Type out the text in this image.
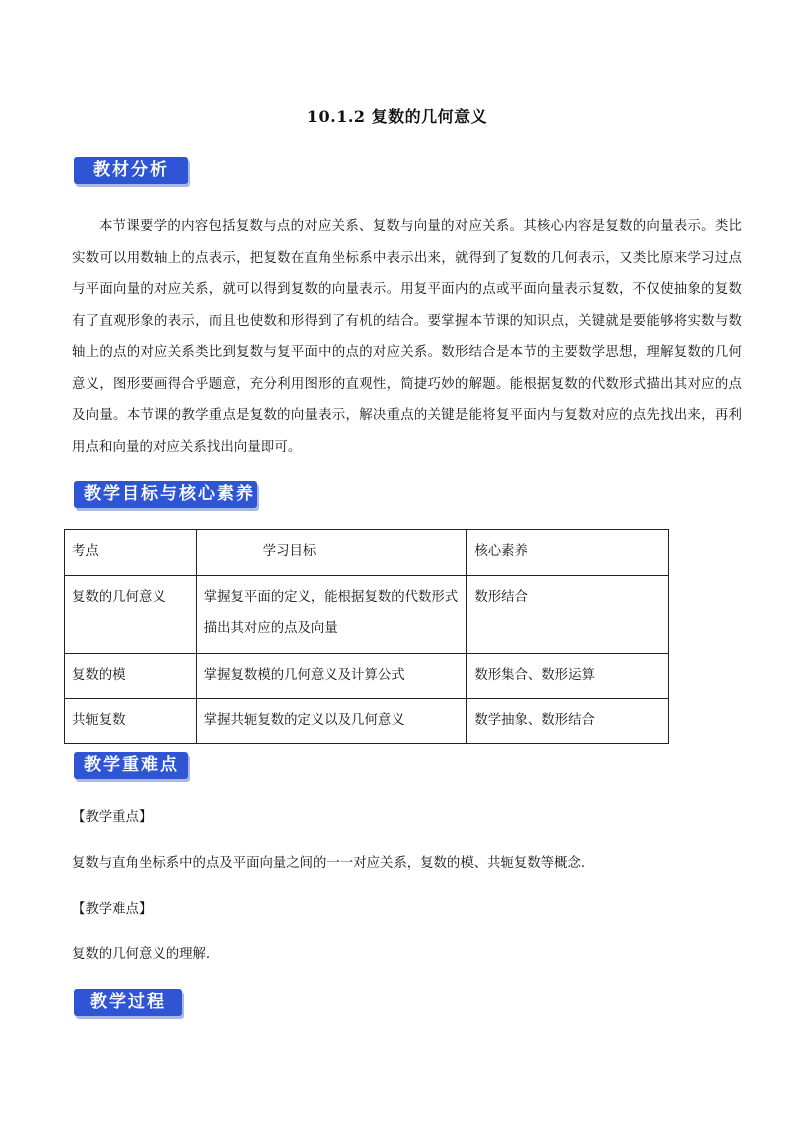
10.1.2 复数的几何意义
教材分析
本节课要学的内容包括复数与点的对应关系、复数与向量的对应关系。其核心内容是复数的向量表示。类比实数可以用数轴上的点表示，把复数在直角坐标系中表示出来，就得到了复数的几何表示，又类比原来学习过点与平面向量的对应关系，就可以得到复数的向量表示。用复平面内的点或平面向量表示复数，不仅使抽象的复数有了直观形象的表示，而且也使数和形得到了有机的结合。要掌握本节课的知识点，关键就是要能够将实数与数轴上的点的对应关系类比到复数与复平面中的点的对应关系。数形结合是本节的主要数学思想，理解复数的几何意义，图形要画得合乎题意，充分利用图形的直观性，简捷巧妙的解题。能根据复数的代数形式描出其对应的点及向量。本节课的教学重点是复数的向量表示，解决重点的关键是能将复平面内与复数对应的点先找出来，再利用点和向量的对应关系找出向量即可。
教学目标与核心素养
考点	学习目标	核心素养
复数的几何意义	掌握复平面的定义，能根据复数的代数形式描出其对应的点及向量	数形结合
复数的模	掌握复数模的几何意义及计算公式	数形集合、数形运算
共轭复数	掌握共轭复数的定义以及几何意义	数学抽象、数形结合
教学重难点
【教学重点】
复数与直角坐标系中的点及平面向量之间的一一对应关系，复数的模、共轭复数等概念.
【教学难点】
复数的几何意义的理解.
教学过程
